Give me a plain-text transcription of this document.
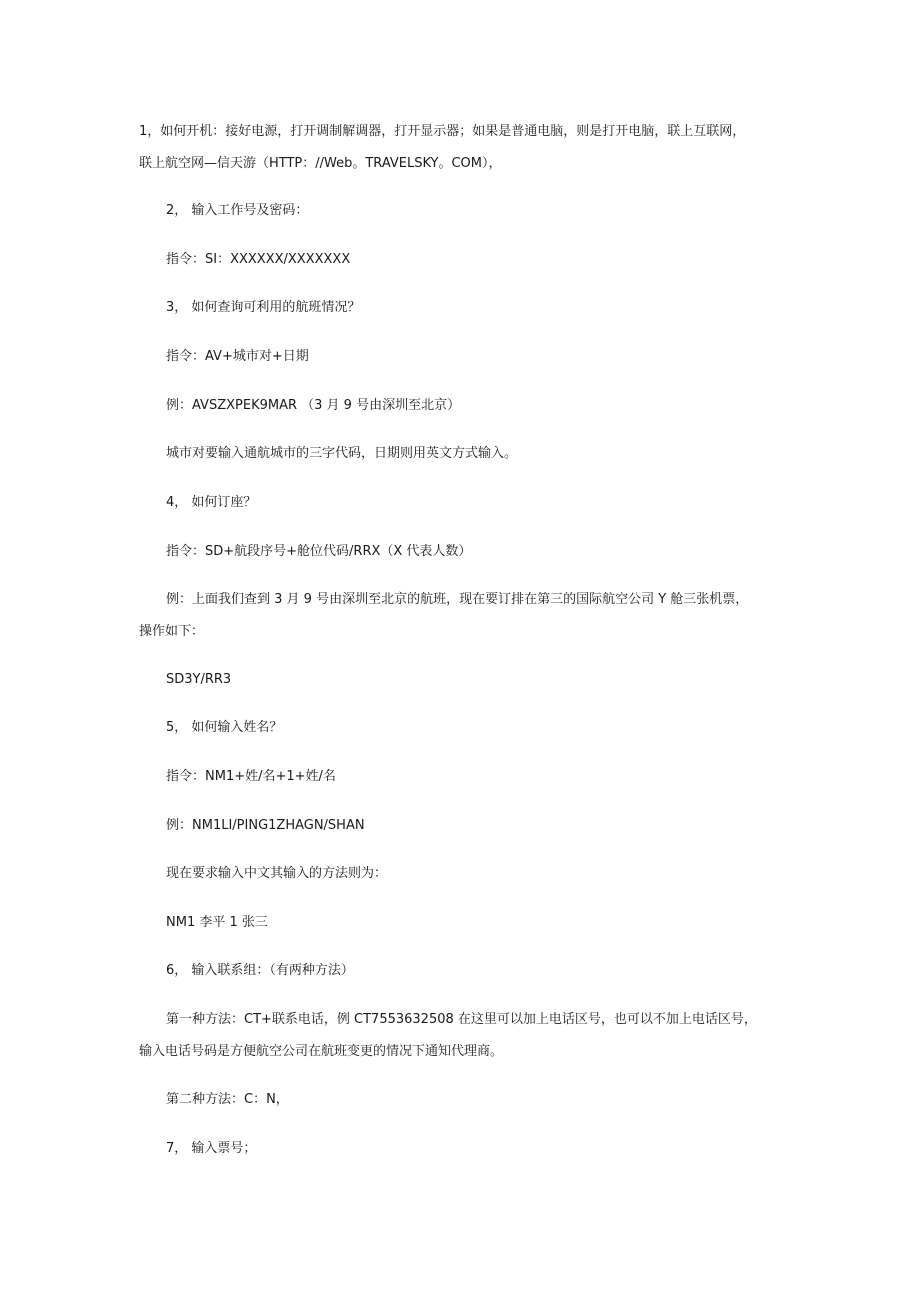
1，如何开机：接好电源，打开调制解调器，打开显示器；如果是普通电脑，则是打开电脑，联上互联网，

联上航空网—信天游（HTTP：//Web。TRAVELSKY。COM），

2， 输入工作号及密码：

指令：SI：XXXXXX/XXXXXXX

3， 如何查询可利用的航班情况？

指令：AV+城市对+日期

例：AVSZXPEK9MAR （3 月 9 号由深圳至北京）

城市对要输入通航城市的三字代码，日期则用英文方式输入。

4， 如何订座？

指令：SD+航段序号+舱位代码/RRX（X 代表人数）

例：上面我们查到 3 月 9 号由深圳至北京的航班，现在要订排在第三的国际航空公司 Y 舱三张机票，

操作如下：

SD3Y/RR3

5， 如何输入姓名？

指令：NM1+姓/名+1+姓/名

例：NM1LI/PING1ZHAGN/SHAN

现在要求输入中文其输入的方法则为：

NM1 李平 1 张三

6， 输入联系组：（有两种方法）

第一种方法：CT+联系电话，例 CT7553632508 在这里可以加上电话区号，也可以不加上电话区号，

输入电话号码是方便航空公司在航班变更的情况下通知代理商。

第二种方法：C：N，

7， 输入票号；
